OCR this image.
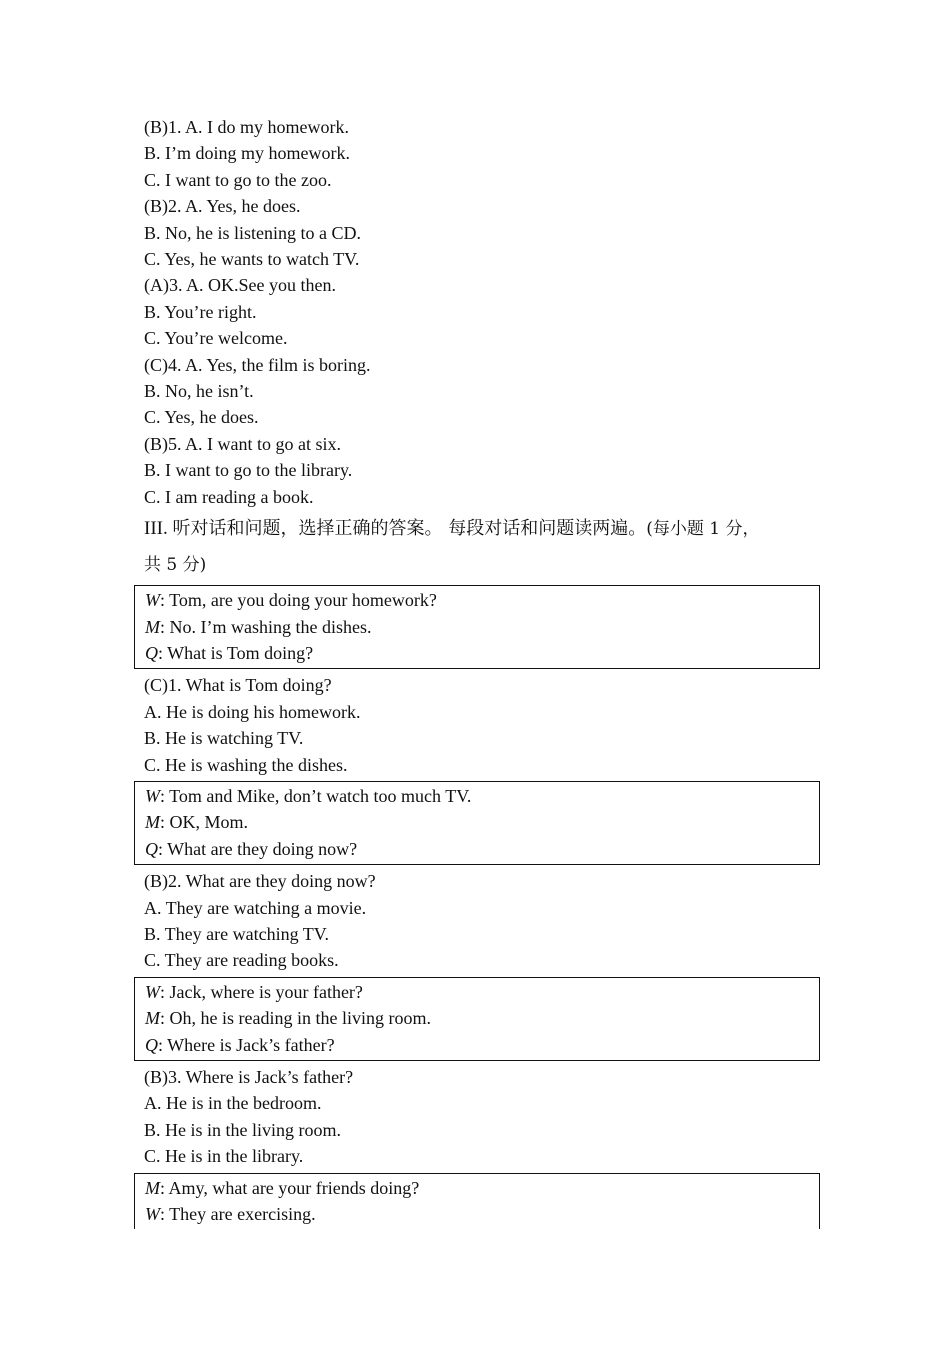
(B)1. A. I do my homework.
B. I’m doing my homework.
C. I want to go to the zoo.
(B)2. A. Yes, he does.
B. No, he is listening to a CD.
C. Yes, he wants to watch TV.
(A)3. A. OK.See you then.
B. You’re right.
C. You’re welcome.
(C)4. A. Yes, the film is boring.
B. No, he isn’t.
C. Yes, he does.
(B)5. A. I want to go at six.
B. I want to go to the library.
C. I am reading a book.
III. 听对话和问题，选择正确的答案。 每段对话和问题读两遍。(每小题 1 分，
共 5 分)
W: Tom, are you doing your homework?
M: No. I’m washing the dishes.
Q: What is Tom doing?
(C)1. What is Tom doing?
A. He is doing his homework.
B. He is watching TV.
C. He is washing the dishes.
W: Tom and Mike, don’t watch too much TV.
M: OK, Mom.
Q: What are they doing now?
(B)2. What are they doing now?
A. They are watching a movie.
B. They are watching TV.
C. They are reading books.
W: Jack, where is your father?
M: Oh, he is reading in the living room.
Q: Where is Jack’s father?
(B)3. Where is Jack’s father?
A. He is in the bedroom.
B. He is in the living room.
C. He is in the library.
M: Amy, what are your friends doing?
W: They are exercising.
